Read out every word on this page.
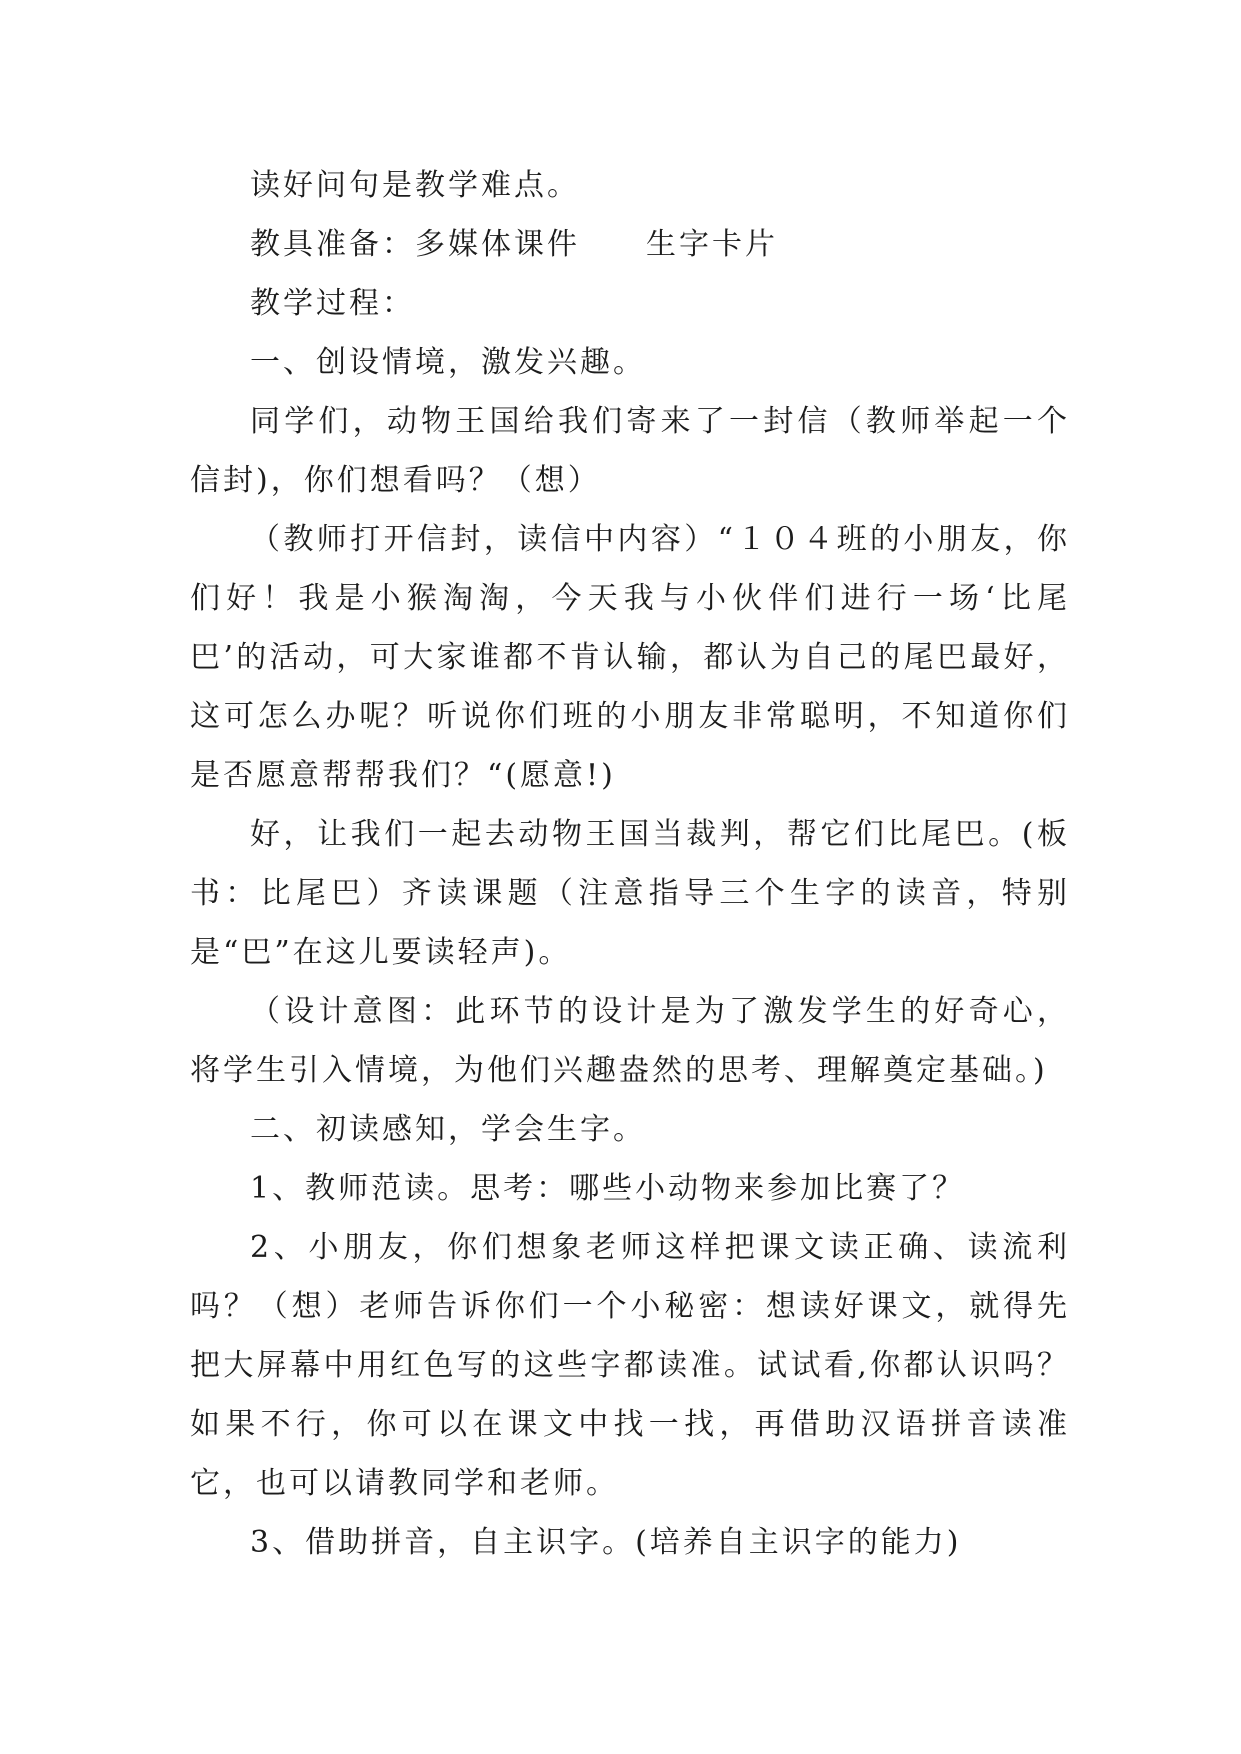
读好问句是教学难点。

教具准备：多媒体课件　　生字卡片

教学过程：

一、创设情境，激发兴趣。

同学们，动物王国给我们寄来了一封信（教师举起一个信封)，你们想看吗？（想）

（教师打开信封，读信中内容）“１０４班的小朋友，你们好！我是小猴淘淘，今天我与小伙伴们进行一场‘比尾巴’的活动，可大家谁都不肯认输，都认为自己的尾巴最好，这可怎么办呢？听说你们班的小朋友非常聪明，不知道你们是否愿意帮帮我们？“(愿意!)

好，让我们一起去动物王国当裁判，帮它们比尾巴。(板书：比尾巴）齐读课题（注意指导三个生字的读音，特别是“巴”在这儿要读轻声)。

（设计意图：此环节的设计是为了激发学生的好奇心，将学生引入情境，为他们兴趣盎然的思考、理解奠定基础。)

二、初读感知，学会生字。

1、教师范读。思考：哪些小动物来参加比赛了？

2、小朋友，你们想象老师这样把课文读正确、读流利吗？（想）老师告诉你们一个小秘密：想读好课文，就得先把大屏幕中用红色写的这些字都读准。试试看,你都认识吗？如果不行，你可以在课文中找一找，再借助汉语拼音读准它，也可以请教同学和老师。

3、借助拼音，自主识字。(培养自主识字的能力)
